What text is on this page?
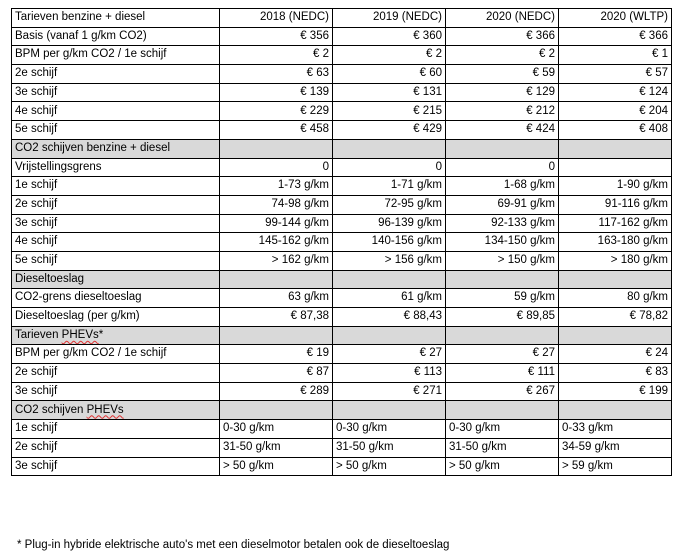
Tarieven benzine + diesel	2018 (NEDC)	2019 (NEDC)	2020 (NEDC)	2020 (WLTP)
Basis (vanaf 1 g/km CO2)	€ 356	€ 360	€ 366	€ 366
BPM per g/km CO2 / 1e schijf	€ 2	€ 2	€ 2	€ 1
2e schijf	€ 63	€ 60	€ 59	€ 57
3e schijf	€ 139	€ 131	€ 129	€ 124
4e schijf	€ 229	€ 215	€ 212	€ 204
5e schijf	€ 458	€ 429	€ 424	€ 408
CO2 schijven benzine + diesel				
Vrijstellingsgrens	0	0	0	
1e schijf	1-73 g/km	1-71 g/km	1-68 g/km	1-90 g/km
2e schijf	74-98 g/km	72-95 g/km	69-91 g/km	91-116 g/km
3e schijf	99-144 g/km	96-139 g/km	92-133 g/km	117-162 g/km
4e schijf	145-162 g/km	140-156 g/km	134-150 g/km	163-180 g/km
5e schijf	> 162 g/km	> 156 g/km	> 150 g/km	> 180 g/km
Dieseltoeslag				
CO2-grens dieseltoeslag	63 g/km	61 g/km	59 g/km	80 g/km
Dieseltoeslag (per g/km)	€ 87,38	€ 88,43	€ 89,85	€ 78,82
Tarieven PHEVs*				
BPM per g/km CO2 / 1e schijf	€ 19	€ 27	€ 27	€ 24
2e schijf	€ 87	€ 113	€ 111	€ 83
3e schijf	€ 289	€ 271	€ 267	€ 199
CO2 schijven PHEVs				
1e schijf	0-30 g/km	0-30 g/km	0-30 g/km	0-33 g/km
2e schijf	31-50 g/km	31-50 g/km	31-50 g/km	34-59 g/km
3e schijf	> 50 g/km	> 50 g/km	> 50 g/km	> 59 g/km
* Plug-in hybride elektrische auto's met een dieselmotor betalen ook de dieseltoeslag
